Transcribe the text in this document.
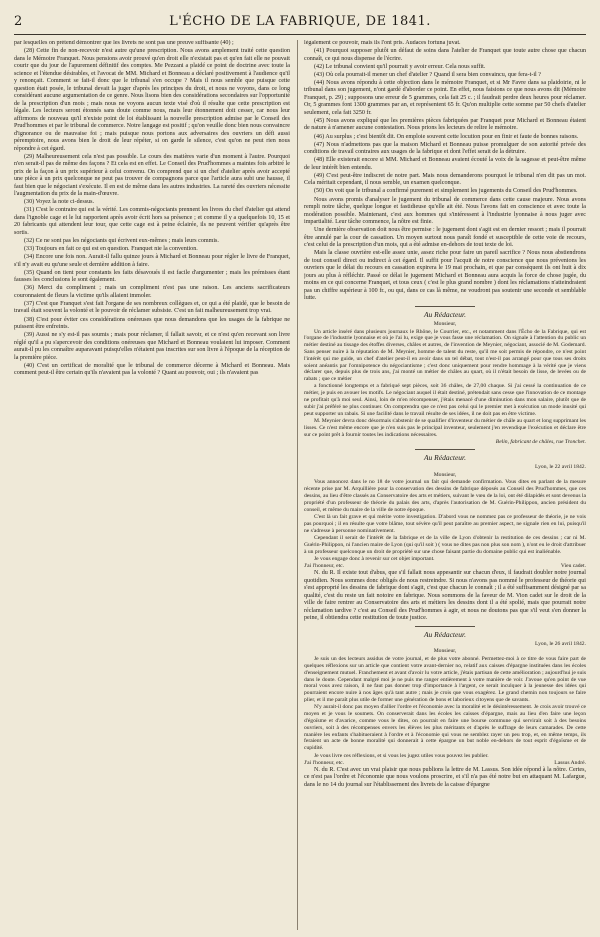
2	L'ÉCHO DE LA FABRIQUE, DE 1841.

par lesquelles on prétend démontrer que les livrets ne sont pas une preuve suffisante (40) ;

(28) Cette fin de non-recevoir n'est autre qu'une prescription. Nous avons amplement traité cette question dans le Mémoire Franquet. Nous pensions avoir prouvé qu'en droit elle n'existait pas et qu'en fait elle ne pouvait courir que du jour de l'apurement définitif des comptes. Me Pezzani a plaidé ce point de doctrine avec toute la science et l'étendue désirables, et l'avocat de MM. Michard et Bonneau a déclaré positivement à l'audience qu'il y renonçait. Comment se fait-il donc que le tribunal s'en occupe ? Mais il nous semble que puisque cette question était posée, le tribunal devait la juger d'après les principes du droit, et nous ne voyons, dans ce long considérant aucune argumentation de ce genre. Nous lisons bien des considérations secondaires sur l'opportunité de la prescription d'un mois ; mais nous ne voyons aucun texte visé d'où il résulte que cette prescription est légale. Les lecteurs seront étonnés sans doute comme nous, mais leur étonnement doit cesser, car nous leur affirmons de nouveau qu'il n'existe point de loi établissant la nouvelle prescription admise par le Conseil des Prud'hommes et par le tribunal de commerce. Notre langage est positif ; qu'on veuille donc bien nous convaincre d'ignorance ou de mauvaise foi ; mais puisque nous portons aux adversaires des ouvriers un défi aussi péremptoire, nous avons bien le droit de leur répéter, si on garde le silence, c'est qu'on ne peut rien nous répondre à cet égard.

(29) Malheureusement cela n'est pas possible. Le cours des matières varie d'un moment à l'autre. Pourquoi n'en serait-il pas de même des façons ? Et cela est en effet. Le Conseil des Prud'hommes a maintes fois arbitré le prix de la façon à un prix supérieur à celui convenu. On comprend que si un chef d'atelier après avoir accepté une pièce à un prix quelconque ne peut pas trouver de compagnons parce que l'article aura subi une hausse, il faut bien que le négociant s'exécute. Il en est de même dans les autres industries. La rareté des ouvriers nécessite l'augmentation du prix de la main-d'œuvre.

(30) Voyez la note ci-dessus.

(31) C'est le contraire qui est la vérité. Les commis-négociants prennent les livres du chef d'atelier qui attend dans l'ignoble cage et le lui rapportent après avoir écrit hors sa présence ; et comme il y a quelquefois 10, 15 et 20 fabricants qui attendent leur tour, que cette cage est à peine éclairée, ils ne peuvent vérifier qu'après être sortis.

(32) Ce ne sont pas les négociants qui écrivent eux-mêmes ; mais leurs commis.

(33) Toujours en fait ce qui est en question. Franquet nie la convention.

(34) Encore une fois non. Aurait-il fallu quinze jours à Michard et Bonneau pour régler le livre de Franquet, s'il n'y avait eu qu'une seule et dernière addition à faire.

(35) Quand on tient pour constants les faits désavoués il est facile d'argumenter ; mais les prémisses étant fausses les conclusions le sont également.

(36) Merci du compliment ; mais un compliment n'est pas une raison. Les anciens sacrificateurs couronnaient de fleurs la victime qu'ils allaient immoler.

(37) C'est que Franquet s'est fait l'organe de ses nombreux collègues et, ce qui a été plaidé, que le besoin de travail était souvent la volonté et le pouvoir de réclamer subsiste. C'est un fait malheureusement trop vrai.

(38) C'est pour éviter ces considérations onéreuses que nous demandons que les usages de la fabrique ne puissent être enfreints.

(39) Aussi ne s'y est-il pas soumis ; mais pour réclamer, il fallait savoir, et ce n'est qu'en recevant son livre réglé qu'il a pu s'apercevoir des conditions onéreuses que Michard et Bonneau voulaient lui imposer. Comment aurait-il pu les connaître auparavant puisqu'elles n'étaient pas inscrites sur son livre à l'époque de la réception de la première pièce.

(40) C'est un certificat de moralité que le tribunal de commerce décerne à Michard et Bonneau. Mais comment peut-il être certain qu'ils n'avaient pas la volonté ? Quant au pouvoir, oui ; ils n'avaient pas

légalement ce pouvoir, mais ils l'ont pris. Audaces fortuna juvat.

(41) Pourquoi supposer plutôt un défaut de soins dans l'atelier de Franquet que toute autre chose que chacun connaît, ce qui nous dispense de l'écrire.

(42) Le tribunal convient qu'il pourrait y avoir erreur. Cela nous suffit.

(43) Où cela pourrait-il mener un chef d'atelier ? Quand il sera bien convaincu, que fera-t-il ?

(44) Nous avons répondu à cette objection dans le mémoire Franquet, et si Mr Favre dans sa plaidoirie, ni le tribunal dans son jugement, n'ont gardé d'aborder ce point. En effet, nous faisions ce que nous avons dit (Mémoire Franquet, p. 29) ; supposons une erreur de 5 grammes, cela fait 25 c. ; il faudrait perdre deux heures pour réclamer. Or, 5 grammes font 1300 grammes par an, et représentent 65 fr. Qu'on multiplie cette somme par 50 chefs d'atelier seulement, cela fait 3250 fr.

(45) Nous avons expliqué que les premières pièces fabriquées par Franquet pour Michard et Bonneau étaient de nature à n'amener aucune contestation. Nous prions les lecteurs de relire le mémoire.

(46) Au surplus ; c'est bientôt dit. On emploie souvent cette locution pour en finir et faute de bonnes raisons.

(47) Nous n'admettons pas que la maison Michard et Bonneau puisse promulguer de son autorité privée des conditions de travail contraires aux usages de la fabrique et dont l'effet serait de la détruire.

(48) Elle existerait encore si MM. Michard et Bonneau avaient écouté la voix de la sagesse et peut-être même de leur intérêt bien entendu.

(49) C'est peut-être indiscret de notre part. Mais nous demanderons pourquoi le tribunal n'en dit pas un mot. Cela méritait cependant, il nous semble, un examen quelconque.

(50) On voit que le tribunal a confirmé purement et simplement les jugements du Conseil des Prud'hommes.

Nous avons promis d'analyser le jugement du tribunal de commerce dans cette cause majeure. Nous avons rempli notre tâche, quelque longue et fastidieuse qu'elle ait été. Nous l'avons fait en conscience et avec toute la modération possible. Maintenant, c'est aux hommes qui s'intéressent à l'industrie lyonnaise à nous juger avec impartialité. Leur tâche commence, la nôtre est finie.

Une dernière observation doit nous être permise : le jugement dont s'agit est en dernier ressort ; mais il pourrait être annulé par la cour de cassation. Un moyen surtout nous paraît fondé et susceptible de cette voie de recours, c'est celui de la prescription d'un mois, qui a été admise en-dehors de tout texte de loi.

Mais la classe ouvrière est-elle assez unie, assez riche pour faire un pareil sacrifice ? Nous nous abstiendrons de tout conseil direct ou indirect à cet égard. Il suffit pour l'acquit de notre conscience que nous prévenions les ouvriers que le délai du recours en cassation expirera le 19 mai prochain, et que par conséquent ils ont huit à dix jours au plus à réfléchir. Passé ce délai le jugement Michard et Bonneau aura acquis la force de chose jugée, du moins en ce qui concerne Franquet, et tous ceux ( c'est le plus grand nombre ) dont les réclamations n'atteindraient pas un chiffre supérieur à 100 fr., ou qui, dans ce cas là même, ne voudront pas soutenir une seconde et semblable lutte.

Au Rédacteur.
Monsieur,

Un article inséré dans plusieurs journaux le Rhône, le Courrier, etc., et notamment dans l'Écho de la Fabrique, qui est l'organe de l'industrie lyonnaise et où je l'ai lu, exige que je vous fasse une réclamation. On signale à l'attention du public un métier destiné au tissage des étoffes diverses, châles et autres, de l'invention de Meynier, négociant, associé de M. Godemard. Sans penser nuire à la réputation de M. Meynier, homme de talent du reste, qu'il me soit permis de répondre, ce n'est point l'intérêt qui me guide, un chef d'atelier peut-il en avoir dans un tel débat, tout n'est-il pas arrangé pour que tous ses droits soient anéantis par l'omnipotence du négociantisme ; c'est donc uniquement pour rendre hommage à la vérité que je viens déclarer que, depuis plus de trois ans, j'ai monté un métier de châles au quart, où il n'était besoin de lisse, de levées ou de rabats ; que ce métier

a fonctionné longtemps et a fabriqué sept pièces, soit 36 châles, de 27,00 chaque. Si j'ai cessé la continuation de ce métier, je puis en avouer les motifs. Le négociant auquel il était destiné, prétendait sans cesse que l'innovation de ce montage ne profitait qu'à moi seul. Ainsi, loin de m'en récompenser, j'étais menacé d'une diminution dans mon salaire, plutôt que de subir j'ai préféré ne plus continuer. On comprendra que ce n'est pas celui qui le premier met à exécution un mode inusité qui peut supporter un rabais. Si une facilité dans le travail résulte de ses idées, il ne doit pas en être victime.

M. Meynier devra donc désormais s'abstenir de se qualifier d'inventeur du métier de châle au quart et long supprimant les lisses. Ce n'est même encore que je n'en suis pas le principal inventeur, seulement j'en revendique l'exécution et déclare être sur ce point prêt à fournir toutes les indications nécessaires.

Belin, fabricant de châles, rue Tronchet.
Au Rédacteur.
Lyon, le 22 avril 1842.
Monsieur,

Vous annoncez dans le no 18 de votre journal un fait qui demande confirmation. Vous dites en parlant de la mesure récente prise par M. Arquillière pour la conservation des dessins de fabrique déposés au Conseil des Prud'hommes, que ces dessins, au lieu d'être classés au Conservatoire des arts et métiers, suivant le vœu de la loi, ont été dilapidés et sont devenus la propriété d'un professeur de théorie du palais des arts, d'après l'autorisation de M. Guérin-Philippon, ancien président du conseil, et même du maire de la ville de notre époque.

C'est là un fait grave et qui mérite votre investigation. D'abord vous ne nommez pas ce professeur de théorie, je ne vois pas pourquoi ; il en résulte que votre blâme, tout sévère qu'il peut paraître au premier aspect, ne signale rien en lui, puisqu'il ne s'adresse à personne nominativement.

Cependant il serait de l'intérêt de la fabrique et de la ville de Lyon d'obtenir la restitution de ces dessins ; car ni M. Guérin-Philippon, ni l'ancien maire de Lyon (qui qu'il soit ) ( vous ne dites pas non plus son nom ), n'ont eu le droit d'attribuer à un professeur quelconque un droit de propriété sur une chose faisant partie du domaine public qui est inaliénable.

Je vous engage donc à revenir sur cet objet important.

J'ai l'honneur, etc.	Vieu cadet.

N. du R. Il existe tout d'abus, que s'il fallait nous appesantir sur chacun d'eux, il faudrait doubler notre journal quotidien. Nous sommes donc obligés de nous restreindre. Si nous n'avons pas nommé le professeur de théorie qui s'est approprié les dessins de fabrique dont s'agit, c'est que chacun le connaît ; il a été suffisamment désigné par sa qualité, c'est du reste un fait notoire en fabrique. Nous sommons de la faveur de M. Vion cadet sur le droit de la ville de faire rentrer au Conservatoire des arts et métiers les dessins dont il a été spolié, mais que pourrait notre réclamation tardive ? c'est au Conseil des Prud'hommes à agir, et nous ne doutons pas que s'il veut s'en donner la peine, il obtiendra cette restitution de toute justice.

Au Rédacteur.
Lyon, le 26 avril 1842.
Monsieur,

Je suis un des lecteurs assidus de votre journal, et de plus votre abonné. Permettez-moi à ce titre de vous faire part de quelques réflexions sur un article que contient votre avant-dernier no, relatif aux caisses d'épargne instituées dans les écoles d'enseignement mutuel. Franchement et avant d'avoir lu votre article, j'étais partisan de cette amélioration ; aujourd'hui je suis dans le doute. Cependant malgré moi je ne puis me ranger entièrement à votre manière de voir. J'avoue qu'en point de vue moral vous avez raison, il ne faut pas donner trop d'importance à l'argent, ce serait inculquer à la jeunesse des idées qui pourraient encore nuire à nos âges qu'à tant autre ; mais je crois que vous exagérez. Le grand chemin non toujours se faire plier, et il me paraît plus utile de former une génération de bons et laborieux citoyens que de savants.

N'y aurait-il donc pas moyen d'allier l'ordre et l'économie avec la moralité et le désintéressement. Je crois avoir trouvé ce moyen et je vous le soumets. On conserverait dans les écoles les caisses d'épargne, mais au lieu d'en faire une leçon d'égoïsme et d'avarice, comme vous le dites, on pourrait en faire une bourse commune qui servirait soit à des besoins ouvriers, soit à des récompenses envers les élèves les plus méritants et d'après le suffrage de leurs camarades. De cette manière les enfants s'habitueraient à l'ordre et à l'économie qui vous ne semblez rayer un peu trop, et, en même temps, ils feraient un acte de bonne moralité qui donnerait à cette épargne un but noble en-dehors de tout esprit d'égoïsme et de cupidité.

Je vous livre ces réflexions, et si vous les jugez utiles vous pouvez les publier.

J'ai l'honneur, etc.	Lassus André.

N. du R. C'est avec un vrai plaisir que nous publions la lettre de M. Lassus. Son idée répond à la nôtre. Certes, ce n'est pas l'ordre et l'économie que nous voulons proscrire, et s'il n'a pas été notre but en attaquant M. Lafargue, dans le no 14 du journal sur l'établissement des livrets de la caisse d'épargne
